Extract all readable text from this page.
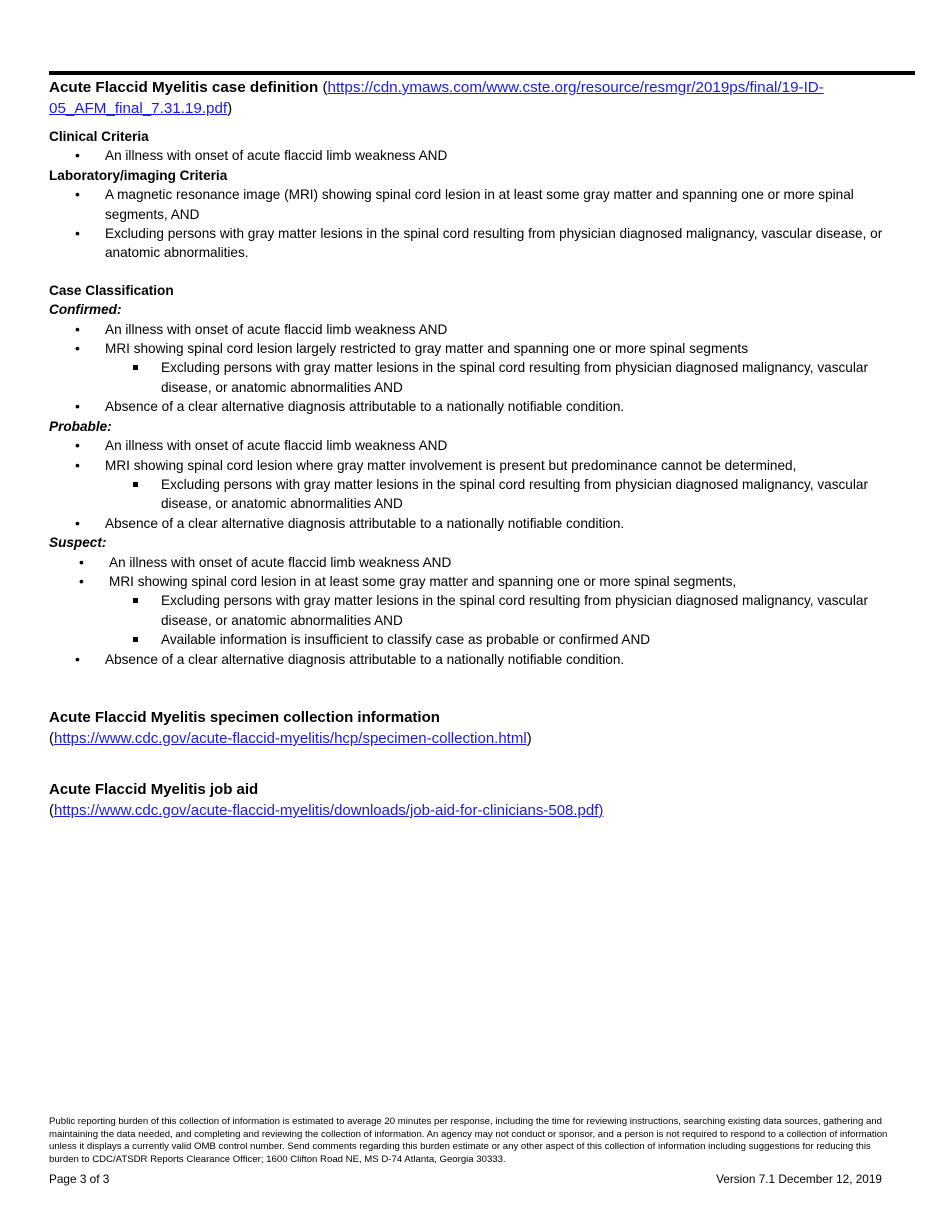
Acute Flaccid Myelitis case definition (https://cdn.ymaws.com/www.cste.org/resource/resmgr/2019ps/final/19-ID-
05_AFM_final_7.31.19.pdf)
Clinical Criteria
• An illness with onset of acute flaccid limb weakness AND
Laboratory/imaging Criteria
• A magnetic resonance image (MRI) showing spinal cord lesion in at least some gray matter and spanning one or more spinal segments, AND
• Excluding persons with gray matter lesions in the spinal cord resulting from physician diagnosed malignancy, vascular disease, or anatomic abnormalities.
Case Classification
Confirmed:
• An illness with onset of acute flaccid limb weakness AND
• MRI showing spinal cord lesion largely restricted to gray matter and spanning one or more spinal segments
Excluding persons with gray matter lesions in the spinal cord resulting from physician diagnosed malignancy, vascular disease, or anatomic abnormalities AND
• Absence of a clear alternative diagnosis attributable to a nationally notifiable condition.
Probable:
• An illness with onset of acute flaccid limb weakness AND
• MRI showing spinal cord lesion where gray matter involvement is present but predominance cannot be determined,
Excluding persons with gray matter lesions in the spinal cord resulting from physician diagnosed malignancy, vascular disease, or anatomic abnormalities AND
• Absence of a clear alternative diagnosis attributable to a nationally notifiable condition.
Suspect:
• An illness with onset of acute flaccid limb weakness AND
• MRI showing spinal cord lesion in at least some gray matter and spanning one or more spinal segments,
Excluding persons with gray matter lesions in the spinal cord resulting from physician diagnosed malignancy, vascular disease, or anatomic abnormalities AND
Available information is insufficient to classify case as probable or confirmed AND
• Absence of a clear alternative diagnosis attributable to a nationally notifiable condition.
Acute Flaccid Myelitis specimen collection information
(https://www.cdc.gov/acute-flaccid-myelitis/hcp/specimen-collection.html)
Acute Flaccid Myelitis job aid
(https://www.cdc.gov/acute-flaccid-myelitis/downloads/job-aid-for-clinicians-508.pdf)
Public reporting burden of this collection of information is estimated to average 20 minutes per response, including the time for reviewing instructions, searching existing data sources, gathering and maintaining the data needed, and completing and reviewing the collection of information. An agency may not conduct or sponsor, and a person is not required to respond to a collection of information unless it displays a currently valid OMB control number. Send comments regarding this burden estimate or any other aspect of this collection of information including suggestions for reducing this burden to CDC/ATSDR Reports Clearance Officer; 1600 Clifton Road NE, MS D-74 Atlanta, Georgia 30333.
Page 3 of 3	Version 7.1 December 12, 2019
